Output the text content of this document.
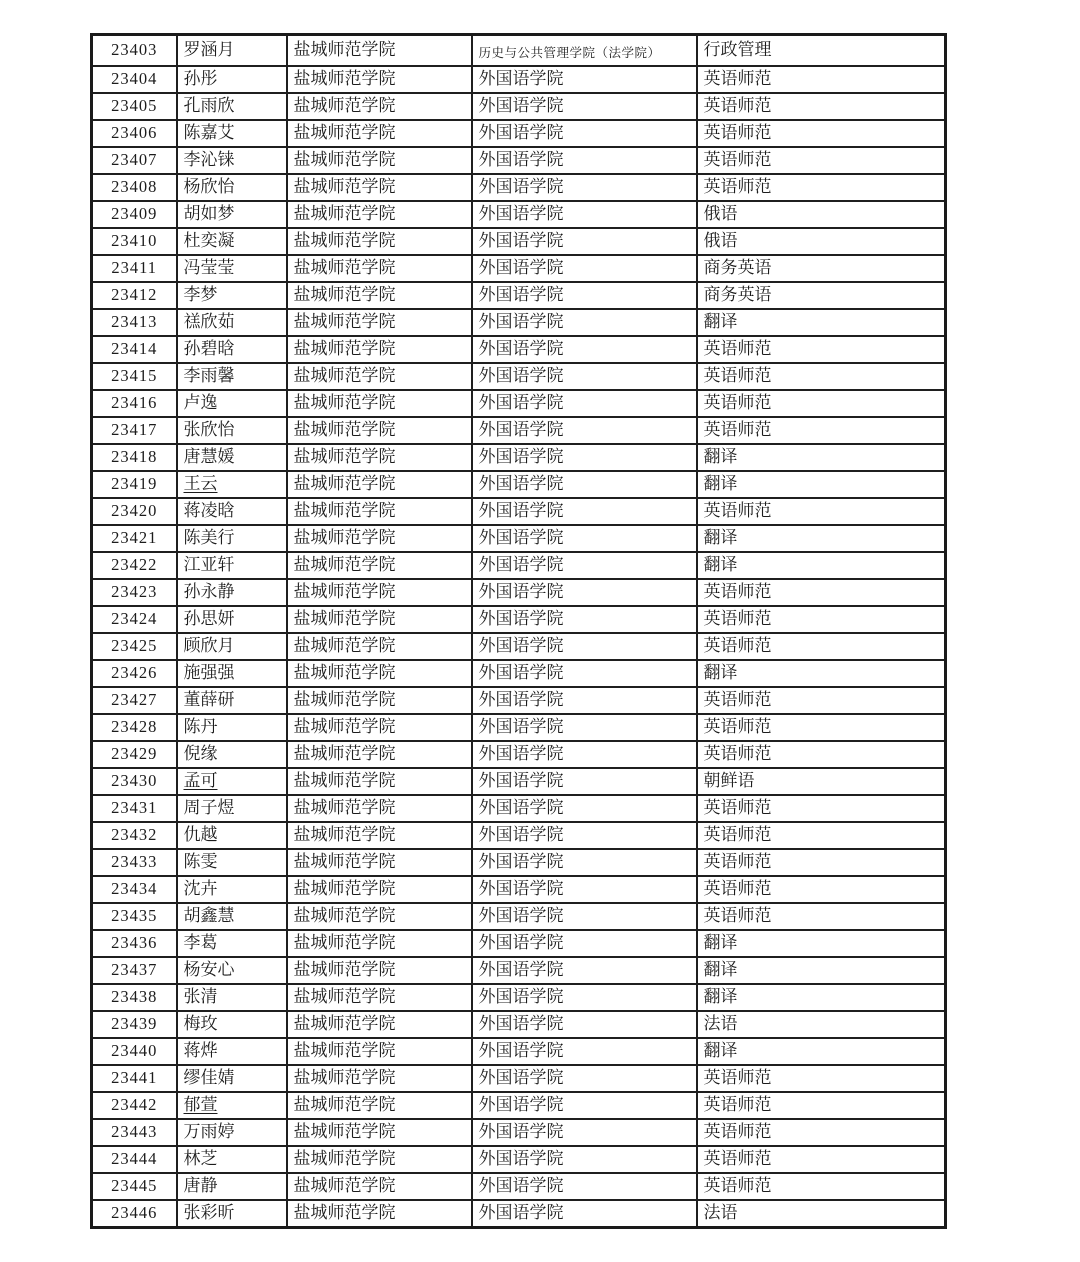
23403	罗涵月	盐城师范学院	历史与公共管理学院（法学院）	行政管理
23404	孙彤	盐城师范学院	外国语学院	英语师范
23405	孔雨欣	盐城师范学院	外国语学院	英语师范
23406	陈嘉艾	盐城师范学院	外国语学院	英语师范
23407	李沁铼	盐城师范学院	外国语学院	英语师范
23408	杨欣怡	盐城师范学院	外国语学院	英语师范
23409	胡如梦	盐城师范学院	外国语学院	俄语
23410	杜奕凝	盐城师范学院	外国语学院	俄语
23411	冯莹莹	盐城师范学院	外国语学院	商务英语
23412	李梦	盐城师范学院	外国语学院	商务英语
23413	禚欣茹	盐城师范学院	外国语学院	翻译
23414	孙碧晗	盐城师范学院	外国语学院	英语师范
23415	李雨馨	盐城师范学院	外国语学院	英语师范
23416	卢逸	盐城师范学院	外国语学院	英语师范
23417	张欣怡	盐城师范学院	外国语学院	英语师范
23418	唐慧媛	盐城师范学院	外国语学院	翻译
23419	王云	盐城师范学院	外国语学院	翻译
23420	蒋凌晗	盐城师范学院	外国语学院	英语师范
23421	陈美行	盐城师范学院	外国语学院	翻译
23422	江亚轩	盐城师范学院	外国语学院	翻译
23423	孙永静	盐城师范学院	外国语学院	英语师范
23424	孙思妍	盐城师范学院	外国语学院	英语师范
23425	顾欣月	盐城师范学院	外国语学院	英语师范
23426	施强强	盐城师范学院	外国语学院	翻译
23427	董薛研	盐城师范学院	外国语学院	英语师范
23428	陈丹	盐城师范学院	外国语学院	英语师范
23429	倪缘	盐城师范学院	外国语学院	英语师范
23430	孟可	盐城师范学院	外国语学院	朝鲜语
23431	周子煜	盐城师范学院	外国语学院	英语师范
23432	仇越	盐城师范学院	外国语学院	英语师范
23433	陈雯	盐城师范学院	外国语学院	英语师范
23434	沈卉	盐城师范学院	外国语学院	英语师范
23435	胡鑫慧	盐城师范学院	外国语学院	英语师范
23436	李葛	盐城师范学院	外国语学院	翻译
23437	杨安心	盐城师范学院	外国语学院	翻译
23438	张清	盐城师范学院	外国语学院	翻译
23439	梅玫	盐城师范学院	外国语学院	法语
23440	蒋烨	盐城师范学院	外国语学院	翻译
23441	缪佳婧	盐城师范学院	外国语学院	英语师范
23442	郁萱	盐城师范学院	外国语学院	英语师范
23443	万雨婷	盐城师范学院	外国语学院	英语师范
23444	林芝	盐城师范学院	外国语学院	英语师范
23445	唐静	盐城师范学院	外国语学院	英语师范
23446	张彩昕	盐城师范学院	外国语学院	法语
